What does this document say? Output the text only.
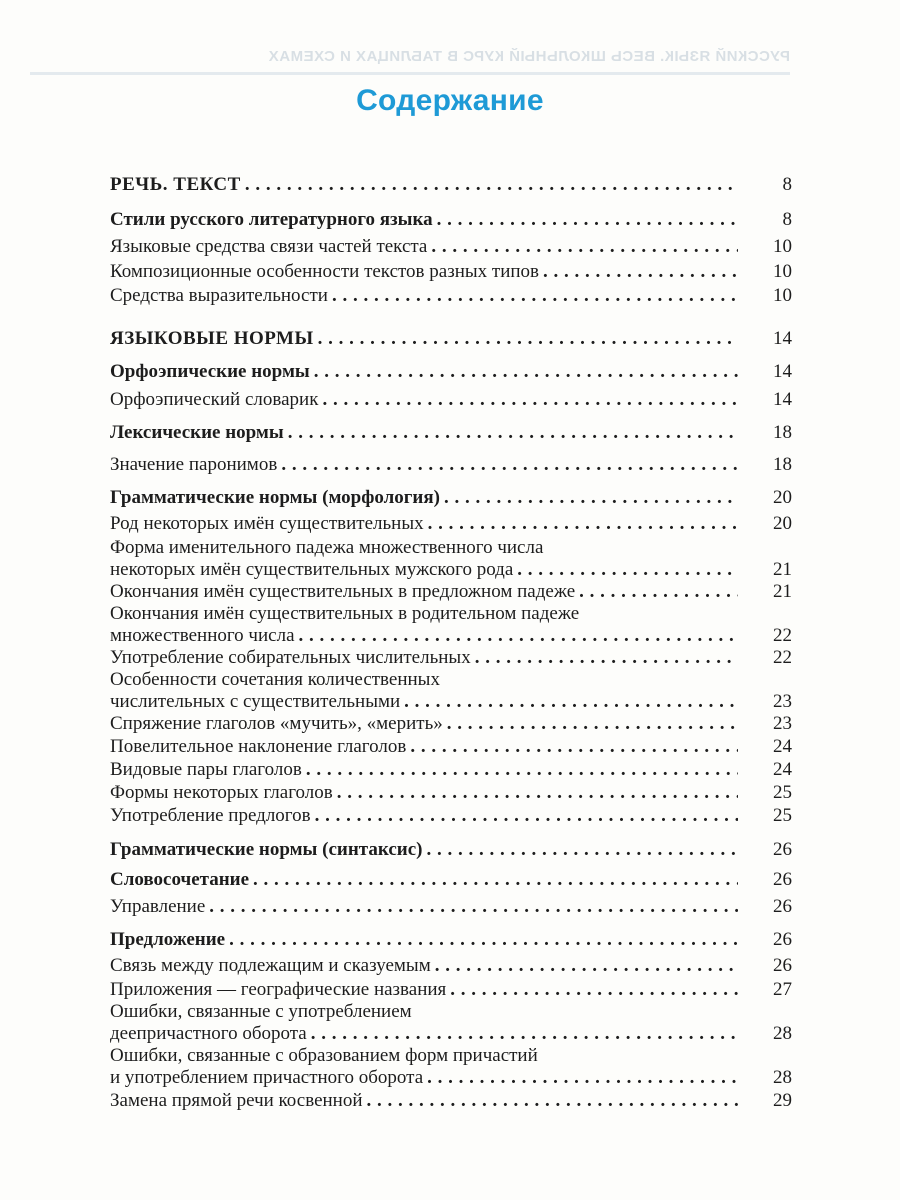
РУССКИЙ ЯЗЫК. ВЕСЬ ШКОЛЬНЫЙ КУРС В ТАБЛИЦАХ И СХЕМАХ
Содержание
РЕЧЬ. ТЕКСТ . . .	8
Стили русского литературного языка . . .	8
Языковые средства связи частей текста . . .	10
Композиционные особенности текстов разных типов . . .	10
Средства выразительности . . .	10
ЯЗЫКОВЫЕ НОРМЫ . . .	14
Орфоэпические нормы . . .	14
Орфоэпический словарик . . .	14
Лексические нормы . . .	18
Значение паронимов . . .	18
Грамматические нормы (морфология) . . .	20
Род некоторых имён существительных . . .	20
Форма именительного падежа множественного числа
некоторых имён существительных мужского рода . . .	21
Окончания имён существительных в предложном падеже . . .	21
Окончания имён существительных в родительном падеже
множественного числа . . .	22
Употребление собирательных числительных . . .	22
Особенности сочетания количественных
числительных с существительными . . .	23
Спряжение глаголов «мучить», «мерить» . . .	23
Повелительное наклонение глаголов . . .	24
Видовые пары глаголов . . .	24
Формы некоторых глаголов . . .	25
Употребление предлогов . . .	25
Грамматические нормы (синтаксис) . . .	26
Словосочетание . . .	26
Управление . . .	26
Предложение . . .	26
Связь между подлежащим и сказуемым . . .	26
Приложения — географические названия . . .	27
Ошибки, связанные с употреблением
деепричастного оборота . . .	28
Ошибки, связанные с образованием форм причастий
и употреблением причастного оборота . . .	28
Замена прямой речи косвенной . . .	29
